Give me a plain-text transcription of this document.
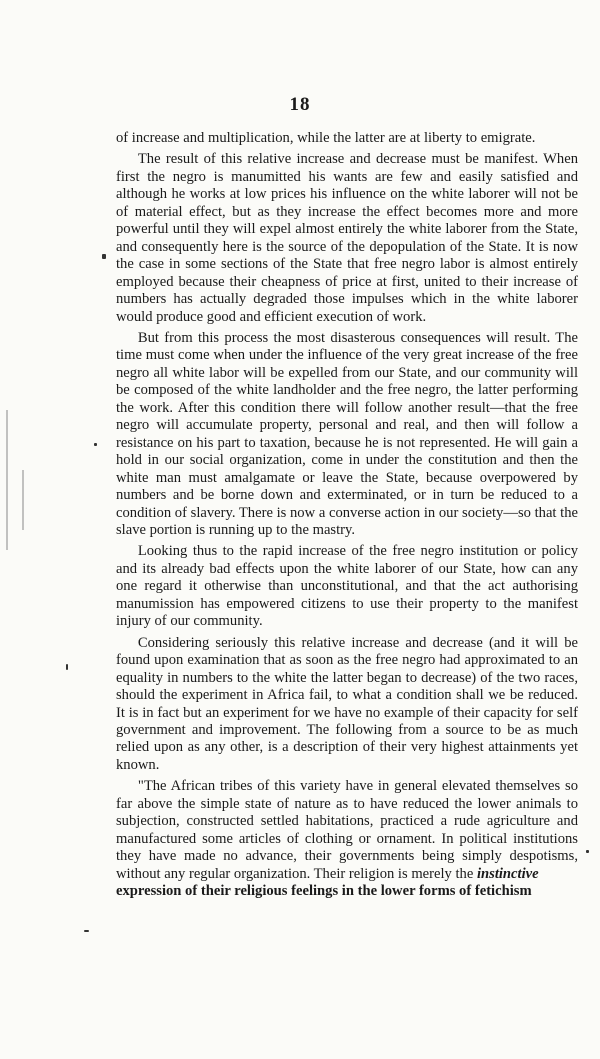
18

of increase and multiplication, while the latter are at liberty to emigrate.

The result of this relative increase and decrease must be manifest. When first the negro is manumitted his wants are few and easily satisfied and although he works at low prices his influence on the white laborer will not be of material effect, but as they increase the effect becomes more and more powerful until they will expel almost entirely the white laborer from the State, and consequently here is the source of the depopulation of the State. It is now the case in some sections of the State that free negro labor is almost entirely employed because their cheapness of price at first, united to their increase of numbers has actually degraded those impulses which in the white laborer would produce good and efficient execution of work.

But from this process the most disasterous consequences will result. The time must come when under the influence of the very great increase of the free negro all white labor will be expelled from our State, and our community will be composed of the white landholder and the free negro, the latter performing the work. After this condition there will follow another result—that the free negro will accumulate property, personal and real, and then will follow a resistance on his part to taxation, because he is not represented. He will gain a hold in our social organization, come in under the constitution and then the white man must amalgamate or leave the State, because overpowered by numbers and be borne down and exterminated, or in turn be reduced to a condition of slavery. There is now a converse action in our society—so that the slave portion is running up to the mastry.

Looking thus to the rapid increase of the free negro institution or policy and its already bad effects upon the white laborer of our State, how can any one regard it otherwise than unconstitutional, and that the act authorising manumission has empowered citizens to use their property to the manifest injury of our community.

Considering seriously this relative increase and decrease (and it will be found upon examination that as soon as the free negro had approximated to an equality in numbers to the white the latter began to decrease) of the two races, should the experiment in Africa fail, to what a condition shall we be reduced. It is in fact but an experiment for we have no example of their capacity for self government and improvement. The following from a source to be as much relied upon as any other, is a description of their very highest attainments yet known.

"The African tribes of this variety have in general elevated themselves so far above the simple state of nature as to have reduced the lower animals to subjection, constructed settled habitations, practiced a rude agriculture and manufactured some articles of clothing or ornament. In political institutions they have made no advance, their governments being simply despotisms, without any regular organization. Their religion is merely the instinctive

expression of their religious feelings in the lower forms of fetichism
